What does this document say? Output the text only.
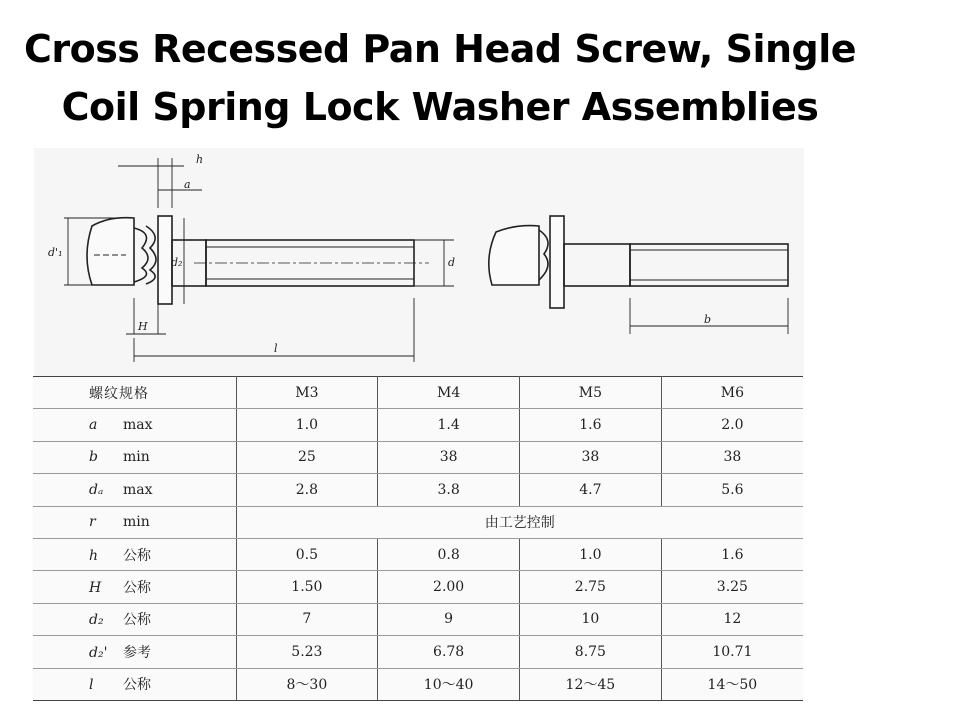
Cross Recessed Pan Head Screw, Single
Coil Spring Lock Washer Assemblies
h
a
d'₁
d₂	d
H
l
b
螺纹规格	M3	M4	M5	M6
a max	1.0	1.4	1.6	2.0
b min	25	38	38	38
dₐ max	2.8	3.8	4.7	5.6
r min	由工艺控制			
h 公称	0.5	0.8	1.0	1.6
H 公称	1.50	2.00	2.75	3.25
d₂ 公称	7	9	10	12
d₂' 参考	5.23	6.78	8.75	10.71
l 公称	8～30	10～40	12～45	14～50
